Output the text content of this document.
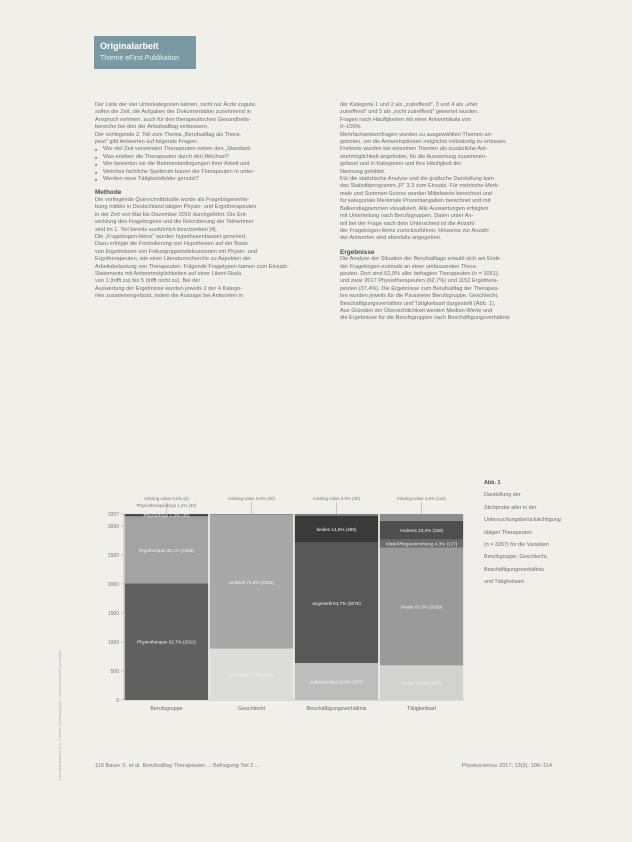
Originalarbeit
Thieme eFirst Publikation
Heruntergeladen von: Thieme Verlagsgruppe. Urheberrechtlich geschützt.

Der Liste der vier Unterkategorien kämen, nicht nur Ärzte zugute.

sollen die Zeit, die Aufgaben der Dokumentation zunehmend in

Anspruch nehmen, auch für den therapeutischen Gesundheits-

bereiche bei den der Arbeitsalltag verbessern.

Der vorliegende 2. Teil zum Thema „Berufsalltag als Thera-

peut“ gibt Antworten auf folgende Fragen:

■ Wie viel Zeit verwenden Therapeuten neben den „Standard-
■ Was erleben die Therapeuten durch den Wechsel?
■ Wie bewerten sie die Rahmenbedingungen ihrer Arbeit und
■ Welches fachliche Spektrum bauen die Therapeuten in unter-
■ Werden neue Tätigkeitsfelder genutzt?

Methode

Die vorliegende Querschnittstudie wurde als Fragebogenerhe-

bung mittels in Deutschland tätigen Physio- und Ergotherapeuten

in der Zeit von Mai bis Dezember 2016 durchgeführt. Die Ent-

wicklung des Fragebogens und die Rekrutierung der Teilnehmer

sind im 1. Teil bereits ausführlich beschrieben [4].

Die „Fragebogen-Items“ wurden hypothesenbasiert generiert.

Dazu erfolgte die Formulierung von Hypothesen auf der Basis

von Ergebnissen von Fokusgruppendiskussionen mit Physio- und

Ergotherapeuten, wie einer Literaturrecherche zu Aspekten der

Arbeitsbelastung von Therapeuten. Folgende Fragetypen kamen zum Einsatz:

Statements mit Antwortmöglichkeiten auf einer Likert-Skala

von 1 (trifft zu) bis 5 (trifft nicht zu). Bei der

Auswertung der Ergebnisse wurden jeweils 2 der 4 Katego-

rien zusammengefasst, indem die Aussage bei Antworten in

der Kategorie 1 und 2 als „zutreffend“, 3 und 4 als „eher

zutreffend“ und 5 als „nicht zutreffend“ gewertet wurden.

Fragen nach Häufigkeiten mit einer Antwortskala von

0–100%.

Mehrfachantwortfragen wurden zu ausgewählten Themen an-

geboten, um die Antwortoptionen möglichst vollständig zu erfassen.

Freitexte wurden bei einzelnen Themen als zusätzliche Ant-

wortmöglichkeit angeboten, für die Auswertung zusammen-

gefasst und in Kategorien und ihre Häufigkeit der

Nennung gebildet.

Für die statistische Analyse und die grafische Darstellung kam

das Statistikprogramm „R“ 3.3 zum Einsatz. Für metrische Merk-

male und Summen-Scores wurden Mittelwerte berechnet und

für kategoriale Merkmale Prozentangaben berechnet und mit

Balkendiagrammen visualisiert. Alle Auswertungen erfolgten

mit Unterteilung nach Berufsgruppen. Daten unter An-

teil bei der Frage nach dem Unterschied ist die Anzahl

der Fragebogen-Items zurückzuführen. Hinweise zur Anzahl

der Antworten sind ebenfalls angegeben.

Ergebnisse

Die Analyse der Situation der Berufsalltags erlaubt sich am Ende

der Fragebogen erstmals an einer umfassenden Thera-

peuten. Dort sind 62,9% aller befragten Therapeuten (n = 1051),

und zwar 2017 Physiotherapeuten (62,7%) und 1152 Ergothera-

peuten (37,4%). Die Ergebnisse zum Berufsalltag der Therapeu-

ten wurden jeweils für die Parameter Berufsgruppe, Geschlecht,

Beschäftigungsverhältnis und Tätigkeitsart dargestellt (Abb. 1).

Aus Gründen der Übersichtlichkeit werden Median-Werte und

die Ergebnisse für die Berufsgruppen nach Beschäftigungsverhältnis

0
500
1000
1500
2000
2500
3000
3207
Physiotherapie 62,7% (2011)
Ergotherapie 36,1% (1156)
Physio/Ergo 1,2% (40)
Berufsgruppe
missing value 0,2% (6)
männlich 27,7% (885)
weiblich 71,8% (2302)
Geschlecht
missing value 0,6% (20)
selbstständig 19,9% (637)
angestellt 64,7% (2076)
beides 14,5% (465)
Beschäftigungsverhältnis
missing value 0,9% (29)
Praxis 18,6% (597)
Praxis 63,3% (2029)
Klinik/Pflegeeinrichtung 4,3% (137)
Anderes 10,2% (328)
Tätigkeitsart
missing value 3,6% (116)
Physiotherapie/Ergo 1,2% (40)
Abb. 1

Darstellung der

Stichprobe aller in der

Untersuchungsberücksichtigung

tätigen Therapeuten

(n = 3207) für die Variablen

Berufsgruppe, Geschlecht,

Beschäftigungsverhältnis

und Tätigkeitsart.

110 Bauer S. et al. Berufsalltag Therapeuten ... Befragung Teil 2 ...	Physioscience 2017; 13(3): 106–114
